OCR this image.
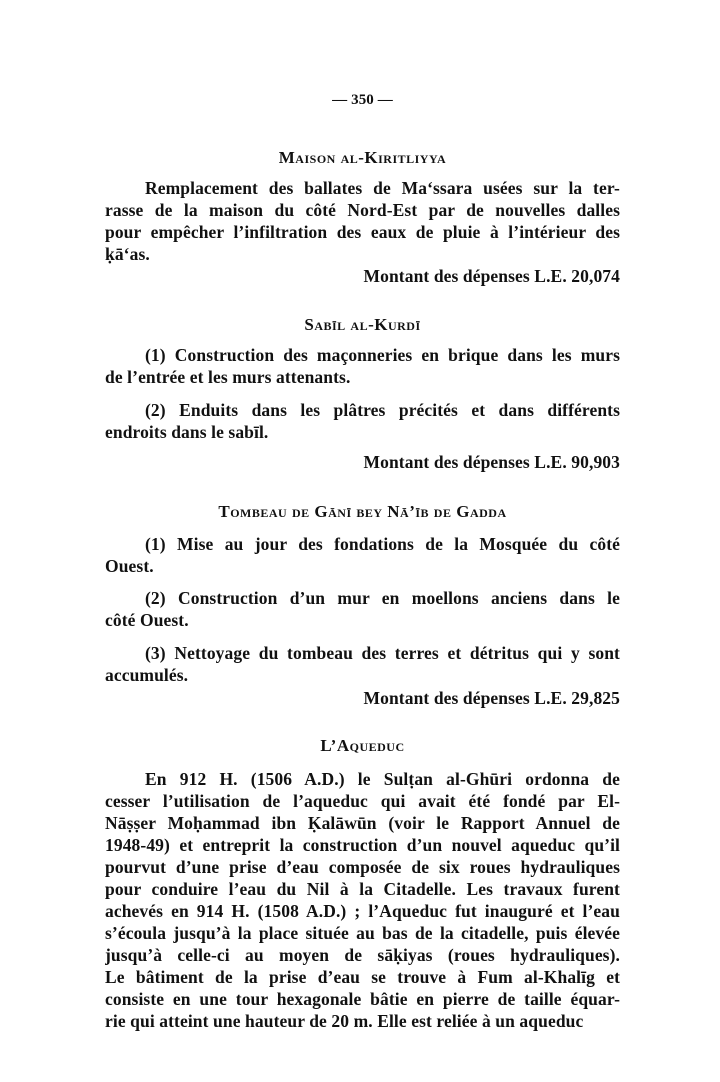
— 350 —
Maison al-Kiritliyya
Remplacement des ballates de Ma‘ssara usées sur la ter-
rasse de la maison du côté Nord-Est par de nouvelles dalles
pour empêcher l’infiltration des eaux de pluie à l’intérieur des
ḳā‘as.
Montant des dépenses L.E. 20,074
Sabīl al-Kurdī
(1) Construction des maçonneries en brique dans les murs
de l’entrée et les murs attenants.
(2) Enduits dans les plâtres précités et dans différents
endroits dans le sabīl.
Montant des dépenses L.E. 90,903
Tombeau de Gānī bey Nā’īb de Gadda
(1) Mise au jour des fondations de la Mosquée du côté
Ouest.
(2) Construction d’un mur en moellons anciens dans le
côté Ouest.
(3) Nettoyage du tombeau des terres et détritus qui y sont
accumulés.
Montant des dépenses L.E. 29,825
L’Aqueduc
En 912 H. (1506 A.D.) le Sulṭan al-Ghūri ordonna de
cesser l’utilisation de l’aqueduc qui avait été fondé par El-
Nāṣṣer Moḥammad ibn Ḳalāwūn (voir le Rapport Annuel de
1948-49) et entreprit la construction d’un nouvel aqueduc qu’il
pourvut d’une prise d’eau composée de six roues hydrauliques
pour conduire l’eau du Nil à la Citadelle. Les travaux furent
achevés en 914 H. (1508 A.D.) ; l’Aqueduc fut inauguré et l’eau
s’écoula jusqu’à la place située au bas de la citadelle, puis élevée
jusqu’à celle-ci au moyen de sāḳiyas (roues hydrauliques).
Le bâtiment de la prise d’eau se trouve à Fum al-Khalīg et
consiste en une tour hexagonale bâtie en pierre de taille équar-
rie qui atteint une hauteur de 20 m. Elle est reliée à un aqueduc
